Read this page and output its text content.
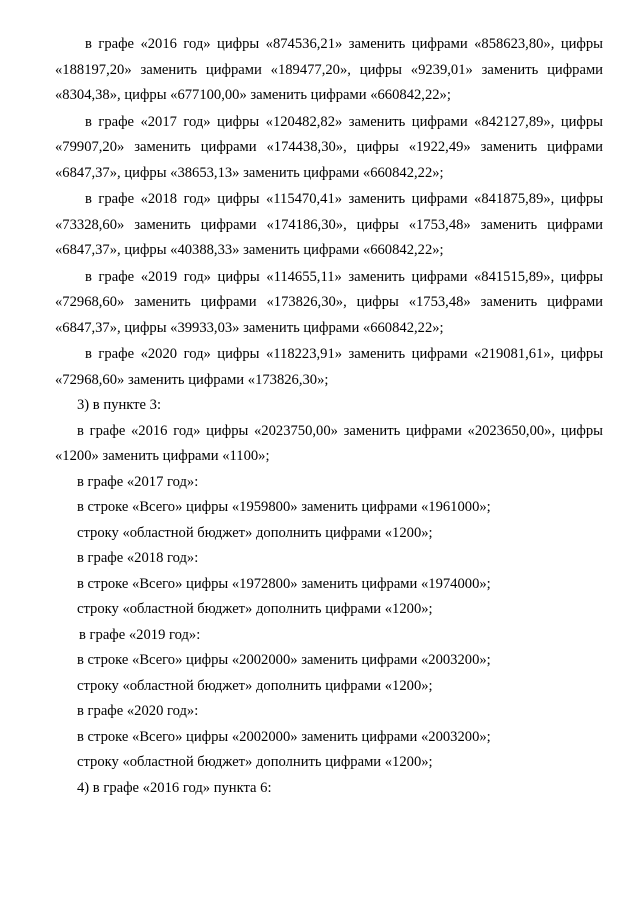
в графе «2016 год» цифры «874536,21» заменить цифрами «858623,80», цифры «188197,20» заменить цифрами «189477,20», цифры «9239,01» заменить цифрами «8304,38», цифры «677100,00» заменить цифрами «660842,22»;

в графе «2017 год» цифры «120482,82» заменить цифрами «842127,89», цифры «79907,20» заменить цифрами «174438,30», цифры «1922,49» заменить цифрами «6847,37», цифры «38653,13» заменить цифрами «660842,22»;

в графе «2018 год» цифры «115470,41» заменить цифрами «841875,89», цифры «73328,60» заменить цифрами «174186,30», цифры «1753,48» заменить цифрами «6847,37», цифры «40388,33» заменить цифрами «660842,22»;

в графе «2019 год» цифры «114655,11» заменить цифрами «841515,89», цифры «72968,60» заменить цифрами «173826,30», цифры «1753,48» заменить цифрами «6847,37», цифры «39933,03» заменить цифрами «660842,22»;

в графе «2020 год» цифры «118223,91» заменить цифрами «219081,61», цифры «72968,60» заменить цифрами «173826,30»;

3) в пункте 3:

в графе «2016 год» цифры «2023750,00» заменить цифрами «2023650,00», цифры «1200» заменить цифрами «1100»;

в графе «2017 год»:

в строке «Всего» цифры «1959800» заменить цифрами «1961000»;

строку «областной бюджет» дополнить цифрами «1200»;

в графе «2018 год»:

в строке «Всего» цифры «1972800» заменить цифрами «1974000»;

строку «областной бюджет» дополнить цифрами «1200»;

в графе «2019 год»:

в строке «Всего» цифры «2002000» заменить цифрами «2003200»;

строку «областной бюджет» дополнить цифрами «1200»;

в графе «2020 год»:

в строке «Всего» цифры «2002000» заменить цифрами «2003200»;

строку «областной бюджет» дополнить цифрами «1200»;

4) в графе «2016 год» пункта 6:
